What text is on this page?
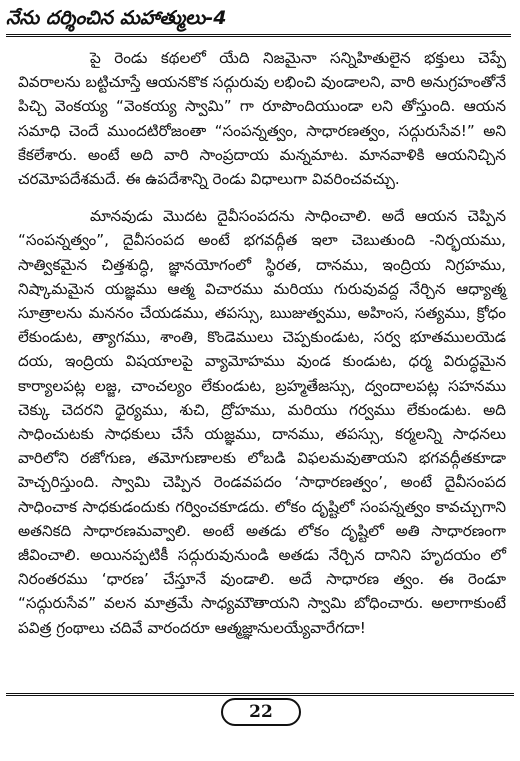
నేను దర్శించిన మహాత్ములు-4

పై రెండు కథలలో యేది నిజమైనా సన్నిహితులైన భక్తులు చెప్పే వివరాలను బట్టిచూస్తే ఆయనకొక సద్గురువు లభించి వుండాలని, వారి అనుగ్రహంతోనే పిచ్చి వెంకయ్య “వెంకయ్య స్వామి” గా రూపొందియుండా లని తోస్తుంది. ఆయన సమాధి చెందే ముందటిరోజంతా “సంపన్నత్వం, సాధారణత్వం, సద్గురుసేవ!” అని కేకలేశారు. అంటే అది వారి సాంప్రదాయ మన్నమాట. మానవాళికి ఆయనిచ్చిన చరమోపదేశమదే. ఈ ఉపదేశాన్ని రెండు విధాలుగా వివరించవచ్చు.

మానవుడు మొదట దైవీసంపదను సాధించాలి. అదే ఆయన చెప్పిన “సంపన్నత్వం”, దైవీసంపద అంటే భగవద్గీత ఇలా చెబుతుంది -నిర్భయము, సాత్వికమైన చిత్తశుద్ధి, జ్ఞానయోగంలో స్థిరత, దానము, ఇంద్రియ నిగ్రహము, నిష్కామమైన యజ్ఞము ఆత్మ విచారము మరియు గురువువద్ద నేర్చిన ఆధ్యాత్మ సూత్రాలను మననం చేయడము, తపస్సు, ఋజుత్వము, అహింస, సత్యము, క్రోధం లేకుండుట, త్యాగము, శాంతి, కొండెములు చెప్పకుండుట, సర్వ భూతములయెడ దయ, ఇంద్రియ విషయాలపై వ్యామోహము వుండ కుండుట, ధర్మ విరుద్ధమైన కార్యాలపట్ల లజ్జ, చాంచల్యం లేకుండుట, బ్రహ్మతేజస్సు, ద్వందాలపట్ల సహనము చెక్కు చెదరని ధైర్యము, శుచి, ద్రోహము, మరియు గర్వము లేకుండుట. అది సాధించుటకు సాధకులు చేసే యజ్ఞము, దానము, తపస్సు, కర్మలన్ని సాధనలు వారిలోని రజోగుణ, తమోగుణాలకు లోబడి విఫలమవుతాయని భగవద్గీతకూడా హెచ్చరిస్తుంది. స్వామి చెప్పిన రెండవపదం ‘సాధారణత్వం’, అంటే దైవీసంపద సాధించాక సాధకుడందుకు గర్వించకూడదు. లోకం దృష్టిలో సంపన్నత్వం కావచ్చుగాని అతనికది సాధారణమవ్వాలి. అంటే అతడు లోకం దృష్టిలో అతి సాధారణంగా జీవించాలి. అయినప్పటికీ సద్గురువునుండి అతడు నేర్చిన దానిని హృదయం లో నిరంతరము ‘ధారణ’ చేస్తూనే వుండాలి. అదే సాధారణ త్వం. ఈ రెండూ “సద్గురుసేవ” వలన మాత్రమే సాధ్యమౌతాయని స్వామి బోధించారు. అలాగాకుంటే పవిత్ర గ్రంథాలు చదివే వారందరూ ఆత్మజ్ఞానులయ్యేవారేగదా!

22
